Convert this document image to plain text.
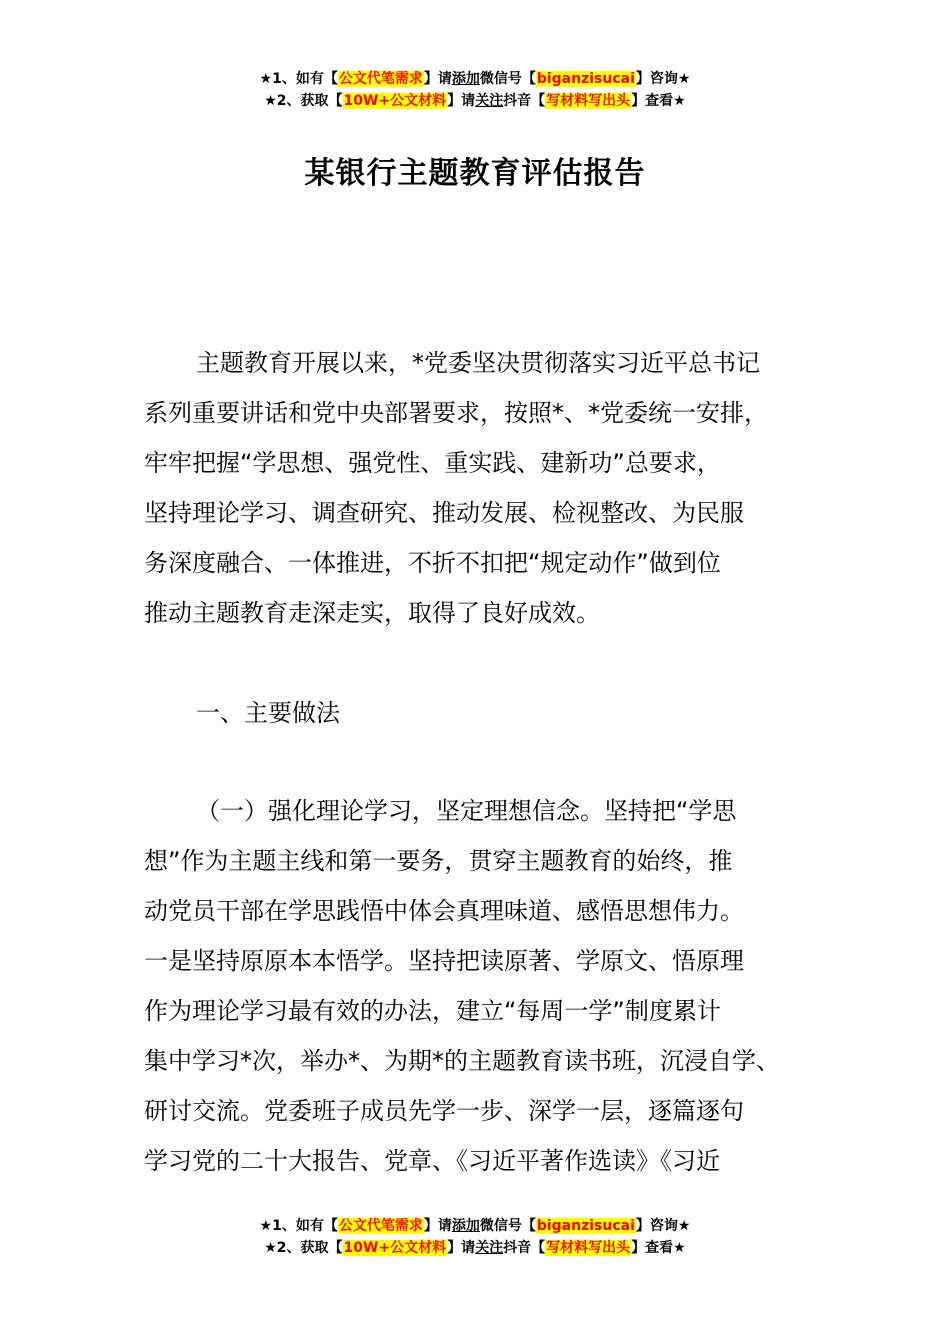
★1、如有【公文代笔需求】请添加微信号【biganzisucai】咨询★
★2、获取【10W+公文材料】请关注抖音【写材料写出头】查看★
某银行主题教育评估报告

主题教育开展以来，*党委坚决贯彻落实习近平总书记
系列重要讲话和党中央部署要求，按照*、*党委统一安排，
牢牢把握“学思想、强党性、重实践、建新功”总要求，
坚持理论学习、调查研究、推动发展、检视整改、为民服
务深度融合、一体推进，不折不扣把“规定动作”做到位
推动主题教育走深走实，取得了良好成效。

一、主要做法

（一）强化理论学习，坚定理想信念。坚持把“学思
想”作为主题主线和第一要务，贯穿主题教育的始终，推
动党员干部在学思践悟中体会真理味道、感悟思想伟力。
一是坚持原原本本悟学。坚持把读原著、学原文、悟原理
作为理论学习最有效的办法，建立“每周一学”制度累计
集中学习*次，举办*、为期*的主题教育读书班，沉浸自学、
研讨交流。党委班子成员先学一步、深学一层，逐篇逐句
学习党的二十大报告、党章、《习近平著作选读》《习近

★1、如有【公文代笔需求】请添加微信号【biganzisucai】咨询★
★2、获取【10W+公文材料】请关注抖音【写材料写出头】查看★
